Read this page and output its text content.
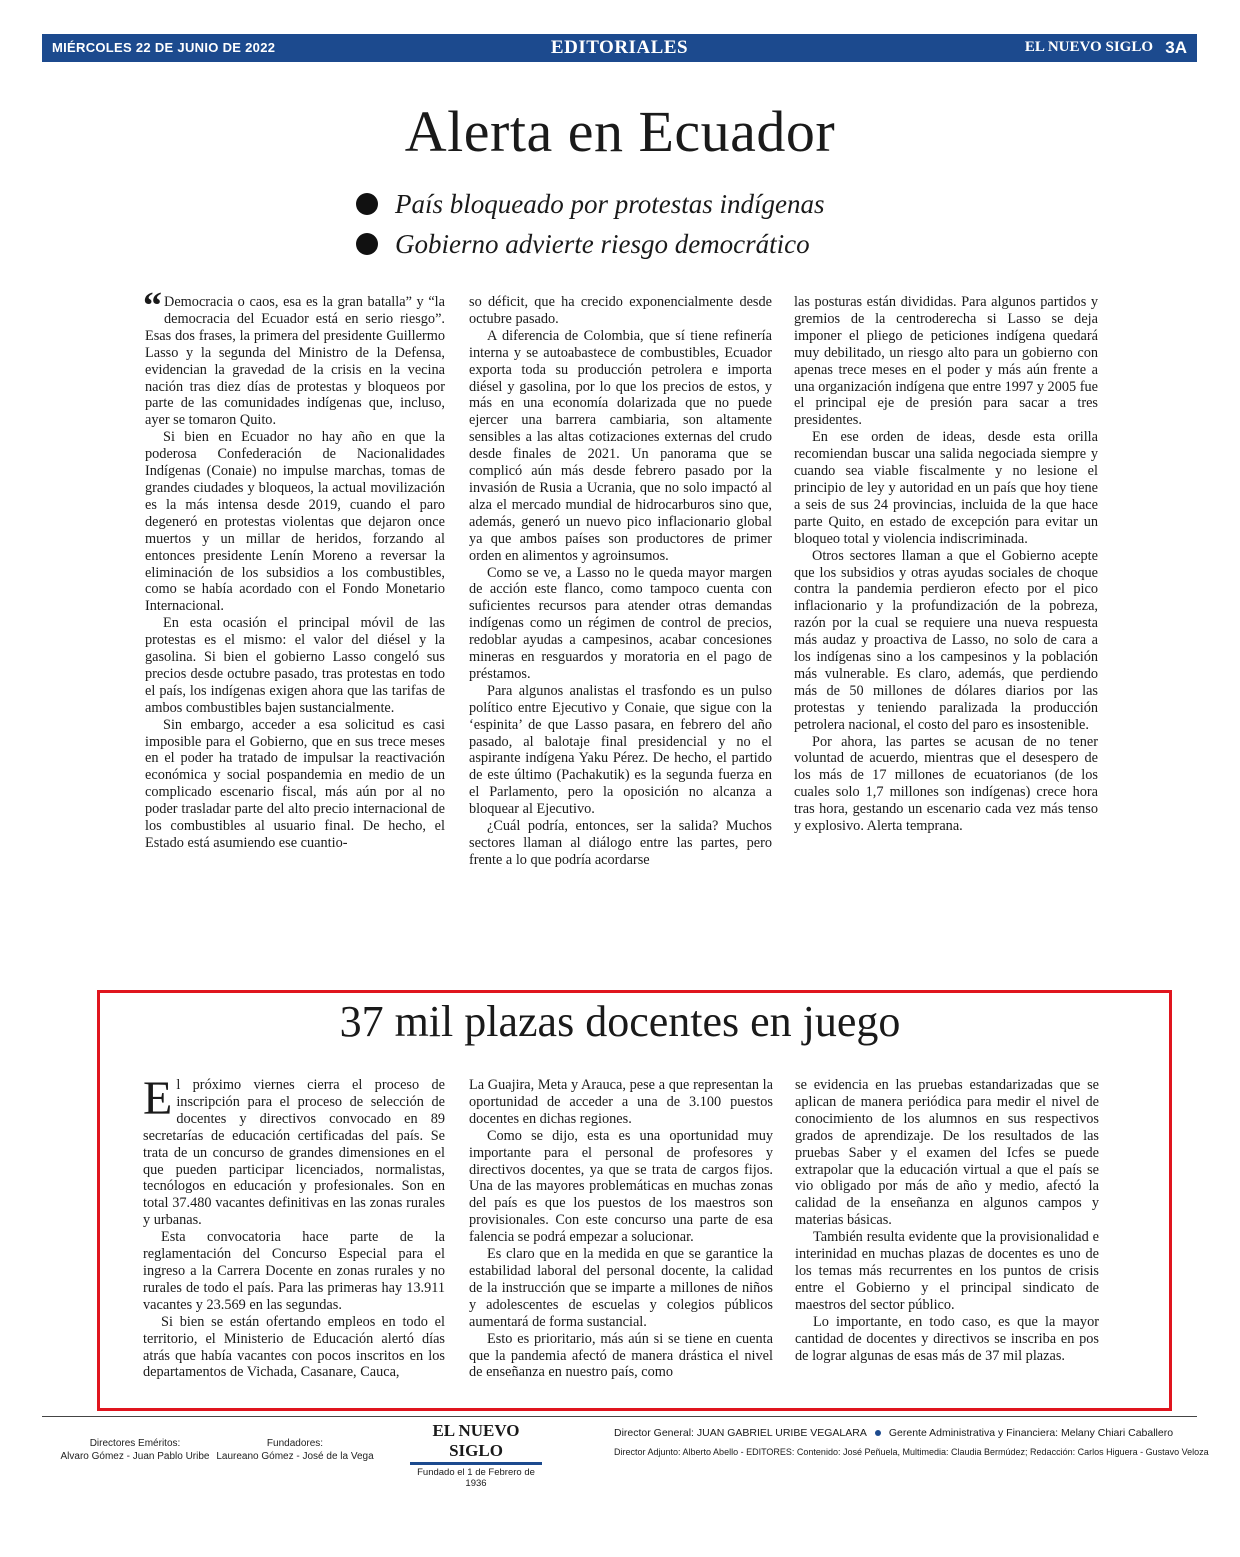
MIÉRCOLES 22 DE JUNIO DE 2022	EDITORIALES	EL NUEVO SIGLO 3A
Alerta en Ecuador
País bloqueado por protestas indígenas
Gobierno advierte riesgo democrático

“ Democracia o caos, esa es la gran batalla” y “la democracia del Ecuador está en serio riesgo”. Esas dos frases, la primera del presidente Guillermo Lasso y la segunda del Ministro de la Defensa, evidencian la gravedad de la crisis en la vecina nación tras diez días de protestas y bloqueos por parte de las comunidades indígenas que, incluso, ayer se tomaron Quito.

Si bien en Ecuador no hay año en que la poderosa Confederación de Nacionalidades Indígenas (Conaie) no impulse marchas, tomas de grandes ciudades y bloqueos, la actual movilización es la más intensa desde 2019, cuando el paro degeneró en protestas violentas que dejaron once muertos y un millar de heridos, forzando al entonces presidente Lenín Moreno a reversar la eliminación de los subsidios a los combustibles, como se había acordado con el Fondo Monetario Internacional.

En esta ocasión el principal móvil de las protestas es el mismo: el valor del diésel y la gasolina. Si bien el gobierno Lasso congeló sus precios desde octubre pasado, tras protestas en todo el país, los indígenas exigen ahora que las tarifas de ambos combustibles bajen sustancialmente.

Sin embargo, acceder a esa solicitud es casi imposible para el Gobierno, que en sus trece meses en el poder ha tratado de impulsar la reactivación económica y social pospandemia en medio de un complicado escenario fiscal, más aún por al no poder trasladar parte del alto precio internacional de los combustibles al usuario final. De hecho, el Estado está asumiendo ese cuantio-

so déficit, que ha crecido exponencialmente desde octubre pasado.

A diferencia de Colombia, que sí tiene refinería interna y se autoabastece de combustibles, Ecuador exporta toda su producción petrolera e importa diésel y gasolina, por lo que los precios de estos, y más en una economía dolarizada que no puede ejercer una barrera cambiaria, son altamente sensibles a las altas cotizaciones externas del crudo desde finales de 2021. Un panorama que se complicó aún más desde febrero pasado por la invasión de Rusia a Ucrania, que no solo impactó al alza el mercado mundial de hidrocarburos sino que, además, generó un nuevo pico inflacionario global ya que ambos países son productores de primer orden en alimentos y agroinsumos.

Como se ve, a Lasso no le queda mayor margen de acción este flanco, como tampoco cuenta con suficientes recursos para atender otras demandas indígenas como un régimen de control de precios, redoblar ayudas a campesinos, acabar concesiones mineras en resguardos y moratoria en el pago de préstamos.

Para algunos analistas el trasfondo es un pulso político entre Ejecutivo y Conaie, que sigue con la ‘espinita’ de que Lasso pasara, en febrero del año pasado, al balotaje final presidencial y no el aspirante indígena Yaku Pérez. De hecho, el partido de este último (Pachakutik) es la segunda fuerza en el Parlamento, pero la oposición no alcanza a bloquear al Ejecutivo.

¿Cuál podría, entonces, ser la salida? Muchos sectores llaman al diálogo entre las partes, pero frente a lo que podría acordarse

las posturas están divididas. Para algunos partidos y gremios de la centroderecha si Lasso se deja imponer el pliego de peticiones indígena quedará muy debilitado, un riesgo alto para un gobierno con apenas trece meses en el poder y más aún frente a una organización indígena que entre 1997 y 2005 fue el principal eje de presión para sacar a tres presidentes.

En ese orden de ideas, desde esta orilla recomiendan buscar una salida negociada siempre y cuando sea viable fiscalmente y no lesione el principio de ley y autoridad en un país que hoy tiene a seis de sus 24 provincias, incluida de la que hace parte Quito, en estado de excepción para evitar un bloqueo total y violencia indiscriminada.

Otros sectores llaman a que el Gobierno acepte que los subsidios y otras ayudas sociales de choque contra la pandemia perdieron efecto por el pico inflacionario y la profundización de la pobreza, razón por la cual se requiere una nueva respuesta más audaz y proactiva de Lasso, no solo de cara a los indígenas sino a los campesinos y la población más vulnerable. Es claro, además, que perdiendo más de 50 millones de dólares diarios por las protestas y teniendo paralizada la producción petrolera nacional, el costo del paro es insostenible.

Por ahora, las partes se acusan de no tener voluntad de acuerdo, mientras que el desespero de los más de 17 millones de ecuatorianos (de los cuales solo 1,7 millones son indígenas) crece hora tras hora, gestando un escenario cada vez más tenso y explosivo. Alerta temprana.

37 mil plazas docentes en juego

El próximo viernes cierra el proceso de inscripción para el proceso de selección de docentes y directivos convocado en 89 secretarías de educación certificadas del país. Se trata de un concurso de grandes dimensiones en el que pueden participar licenciados, normalistas, tecnólogos en educación y profesionales. Son en total 37.480 vacantes definitivas en las zonas rurales y urbanas.

Esta convocatoria hace parte de la reglamentación del Concurso Especial para el ingreso a la Carrera Docente en zonas rurales y no rurales de todo el país. Para las primeras hay 13.911 vacantes y 23.569 en las segundas.

Si bien se están ofertando empleos en todo el territorio, el Ministerio de Educación alertó días atrás que había vacantes con pocos inscritos en los departamentos de Vichada, Casanare, Cauca,

La Guajira, Meta y Arauca, pese a que representan la oportunidad de acceder a una de 3.100 puestos docentes en dichas regiones.

Como se dijo, esta es una oportunidad muy importante para el personal de profesores y directivos docentes, ya que se trata de cargos fijos. Una de las mayores problemáticas en muchas zonas del país es que los puestos de los maestros son provisionales. Con este concurso una parte de esa falencia se podrá empezar a solucionar.

Es claro que en la medida en que se garantice la estabilidad laboral del personal docente, la calidad de la instrucción que se imparte a millones de niños y adolescentes de escuelas y colegios públicos aumentará de forma sustancial.

Esto es prioritario, más aún si se tiene en cuenta que la pandemia afectó de manera drástica el nivel de enseñanza en nuestro país, como

se evidencia en las pruebas estandarizadas que se aplican de manera periódica para medir el nivel de conocimiento de los alumnos en sus respectivos grados de aprendizaje. De los resultados de las pruebas Saber y el examen del Icfes se puede extrapolar que la educación virtual a que el país se vio obligado por más de año y medio, afectó la calidad de la enseñanza en algunos campos y materias básicas.

También resulta evidente que la provisionalidad e interinidad en muchas plazas de docentes es uno de los temas más recurrentes en los puntos de crisis entre el Gobierno y el principal sindicato de maestros del sector público.

Lo importante, en todo caso, es que la mayor cantidad de docentes y directivos se inscriba en pos de lograr algunas de esas más de 37 mil plazas.

Directores Eméritos:
Alvaro Gómez - Juan Pablo Uribe
Fundadores:
Laureano Gómez - José de la Vega
EL NUEVO SIGLO
Fundado el 1 de Febrero de 1936
Director General: JUAN GABRIEL URIBE VEGALARA Gerente Administrativa y Financiera: Melany Chiari Caballero
Director Adjunto: Alberto Abello - EDITORES: Contenido: José Peñuela, Multimedia: Claudia Bermúdez; Redacción: Carlos Higuera - Gustavo Veloza
